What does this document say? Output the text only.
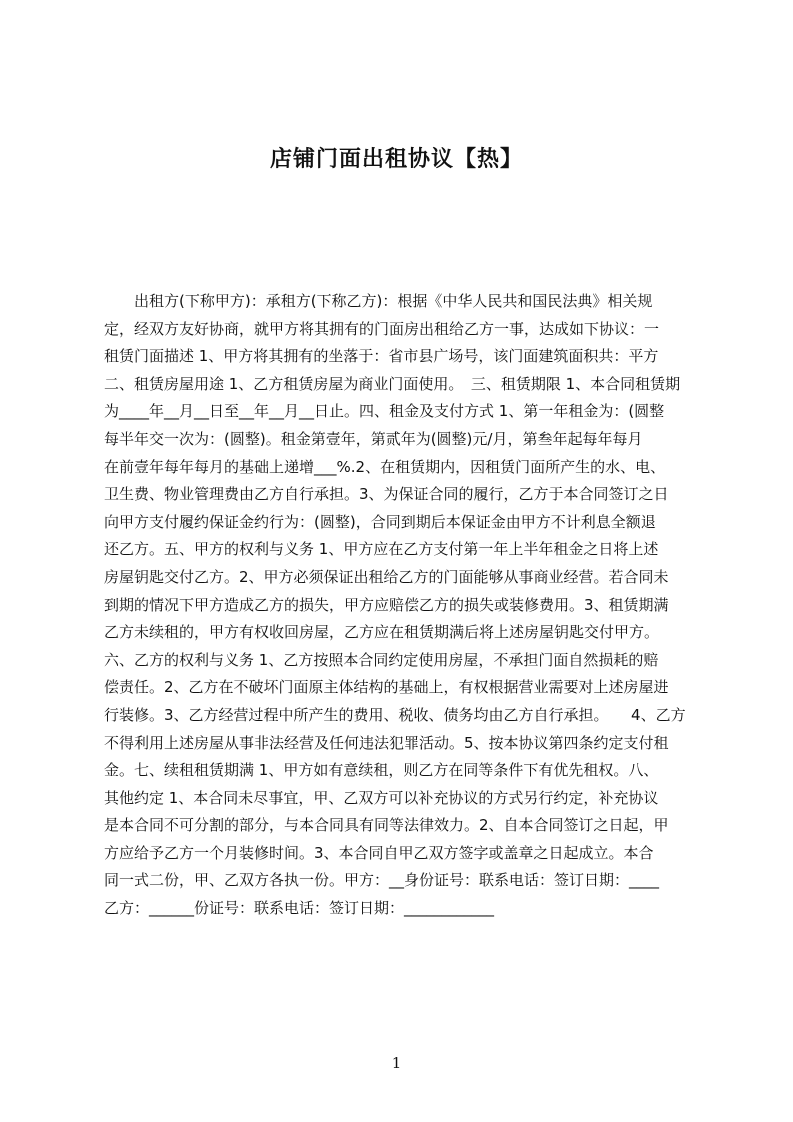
店铺门面出租协议【热】
　　出租方(下称甲方)：承租方(下称乙方)：根据《中华人民共和国民法典》相关规
定，经双方友好协商，就甲方将其拥有的门面房出租给乙方一事，达成如下协议：一
租赁门面描述 1、甲方将其拥有的坐落于：省市县广场号，该门面建筑面积共：平方
二、租赁房屋用途 1、乙方租赁房屋为商业门面使用。　三、租赁期限 1、本合同租赁期
为____年__月__日至__年__月__日止。四、租金及支付方式 1、第一年租金为：(圆整
每半年交一次为：(圆整)。租金第壹年，第贰年为(圆整)元/月，第叁年起每年每月
在前壹年每年每月的基础上递增___%.2、在租赁期内，因租赁门面所产生的水、电、
卫生费、物业管理费由乙方自行承担。3、为保证合同的履行，乙方于本合同签订之日
向甲方支付履约保证金约行为：(圆整)，合同到期后本保证金由甲方不计利息全额退
还乙方。五、甲方的权利与义务 1、甲方应在乙方支付第一年上半年租金之日将上述
房屋钥匙交付乙方。2、甲方必须保证出租给乙方的门面能够从事商业经营。若合同未
到期的情况下甲方造成乙方的损失，甲方应赔偿乙方的损失或装修费用。3、租赁期满
乙方未续租的，甲方有权收回房屋，乙方应在租赁期满后将上述房屋钥匙交付甲方。
六、乙方的权利与义务 1、乙方按照本合同约定使用房屋，不承担门面自然损耗的赔
偿责任。2、乙方在不破坏门面原主体结构的基础上，有权根据营业需要对上述房屋进
行装修。3、乙方经营过程中所产生的费用、税收、债务均由乙方自行承担。　　4、乙方
不得利用上述房屋从事非法经营及任何违法犯罪活动。5、按本协议第四条约定支付租
金。七、续租租赁期满 1、甲方如有意续租，则乙方在同等条件下有优先租权。八、
其他约定 1、本合同未尽事宜，甲、乙双方可以补充协议的方式另行约定，补充协议
是本合同不可分割的部分，与本合同具有同等法律效力。2、自本合同签订之日起，甲
方应给予乙方一个月装修时间。3、本合同自甲乙双方签字或盖章之日起成立。本合
同一式二份，甲、乙双方各执一份。甲方：__身份证号：联系电话：签订日期：____
乙方：______份证号：联系电话：签订日期：____________
1
